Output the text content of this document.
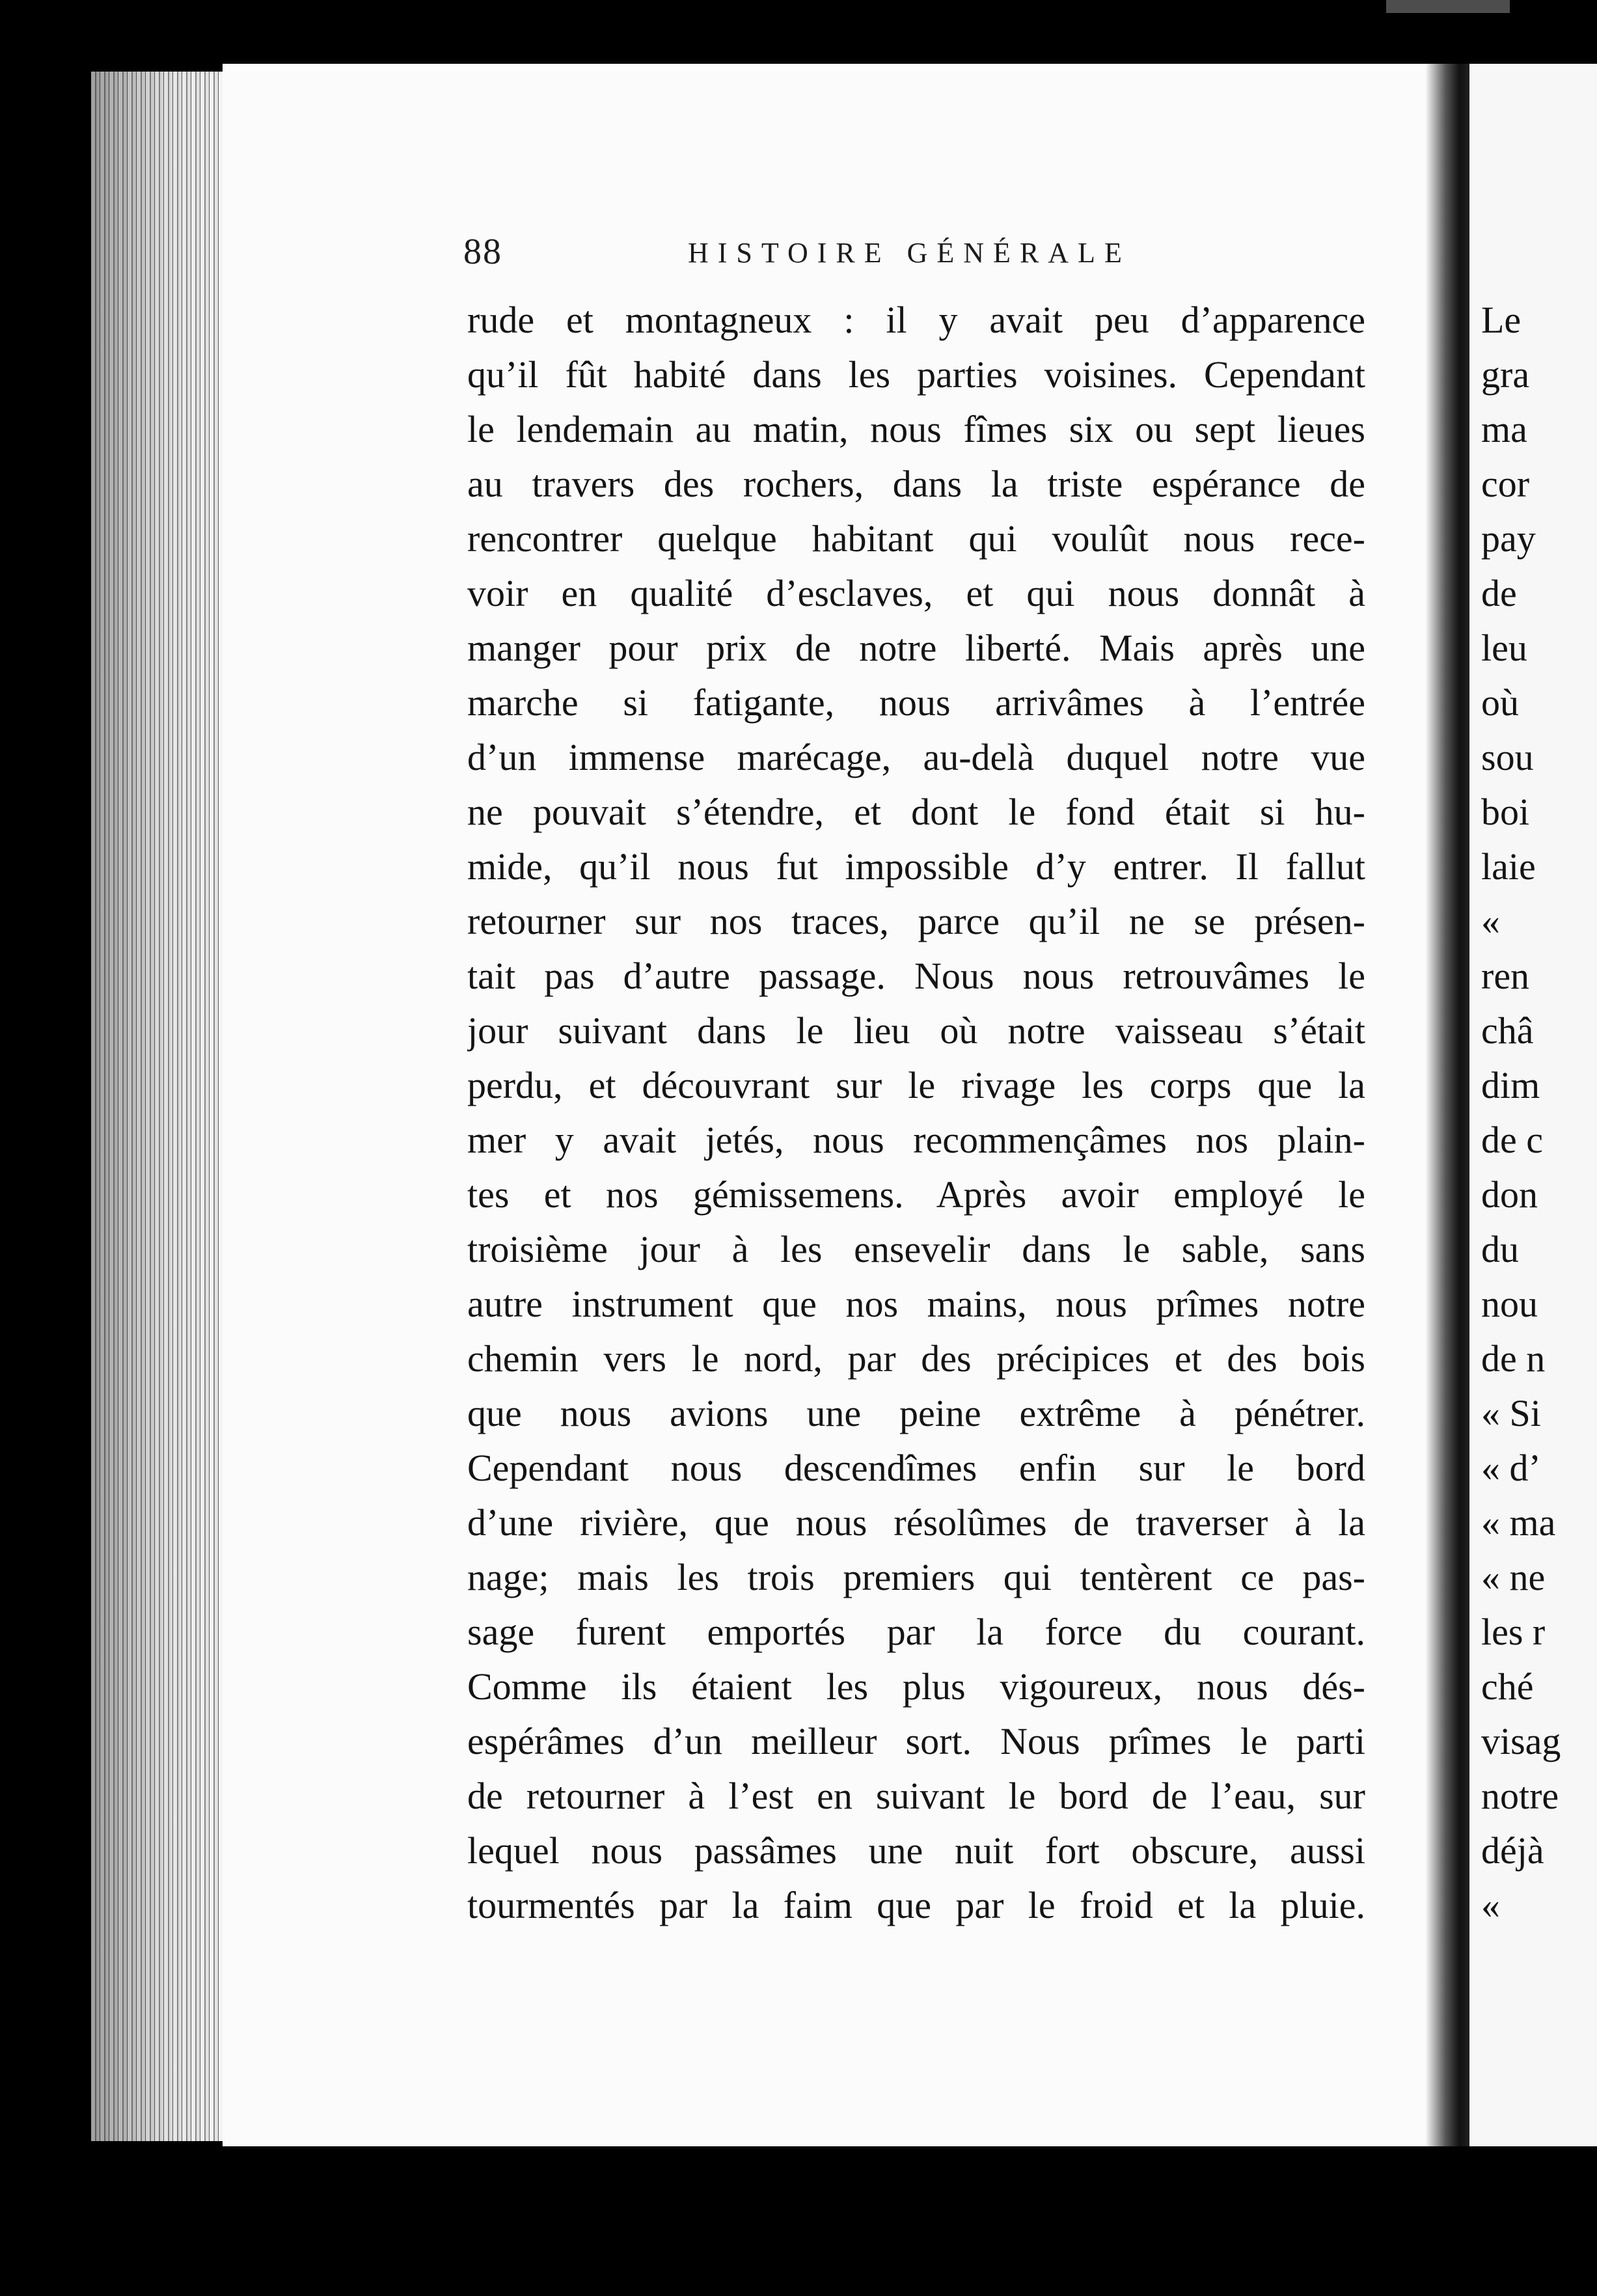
Le
gra
ma
cor
pay
de
leu
où
sou
boi
laie
«
ren
châ
dim
de c
don
du
nou
de n
« Si
« d’
« ma
« ne
les r
ché
visag
notre
déjà
«
88	HISTOIRE GÉNÉRALE
rude et montagneux : il y avait peu d’apparence
qu’il fût habité dans les parties voisines. Cependant
le lendemain au matin, nous fîmes six ou sept lieues
au travers des rochers, dans la triste espérance de
rencontrer quelque habitant qui voulût nous rece-
voir en qualité d’esclaves, et qui nous donnât à
manger pour prix de notre liberté. Mais après une
marche si fatigante, nous arrivâmes à l’entrée
d’un immense marécage, au-delà duquel notre vue
ne pouvait s’étendre, et dont le fond était si hu-
mide, qu’il nous fut impossible d’y entrer. Il fallut
retourner sur nos traces, parce qu’il ne se présen-
tait pas d’autre passage. Nous nous retrouvâmes le
jour suivant dans le lieu où notre vaisseau s’était
perdu, et découvrant sur le rivage les corps que la
mer y avait jetés, nous recommençâmes nos plain-
tes et nos gémissemens. Après avoir employé le
troisième jour à les ensevelir dans le sable, sans
autre instrument que nos mains, nous prîmes notre
chemin vers le nord, par des précipices et des bois
que nous avions une peine extrême à pénétrer.
Cependant nous descendîmes enfin sur le bord
d’une rivière, que nous résolûmes de traverser à la
nage; mais les trois premiers qui tentèrent ce pas-
sage furent emportés par la force du courant.
Comme ils étaient les plus vigoureux, nous dés-
espérâmes d’un meilleur sort. Nous prîmes le parti
de retourner à l’est en suivant le bord de l’eau, sur
lequel nous passâmes une nuit fort obscure, aussi
tourmentés par la faim que par le froid et la pluie.
